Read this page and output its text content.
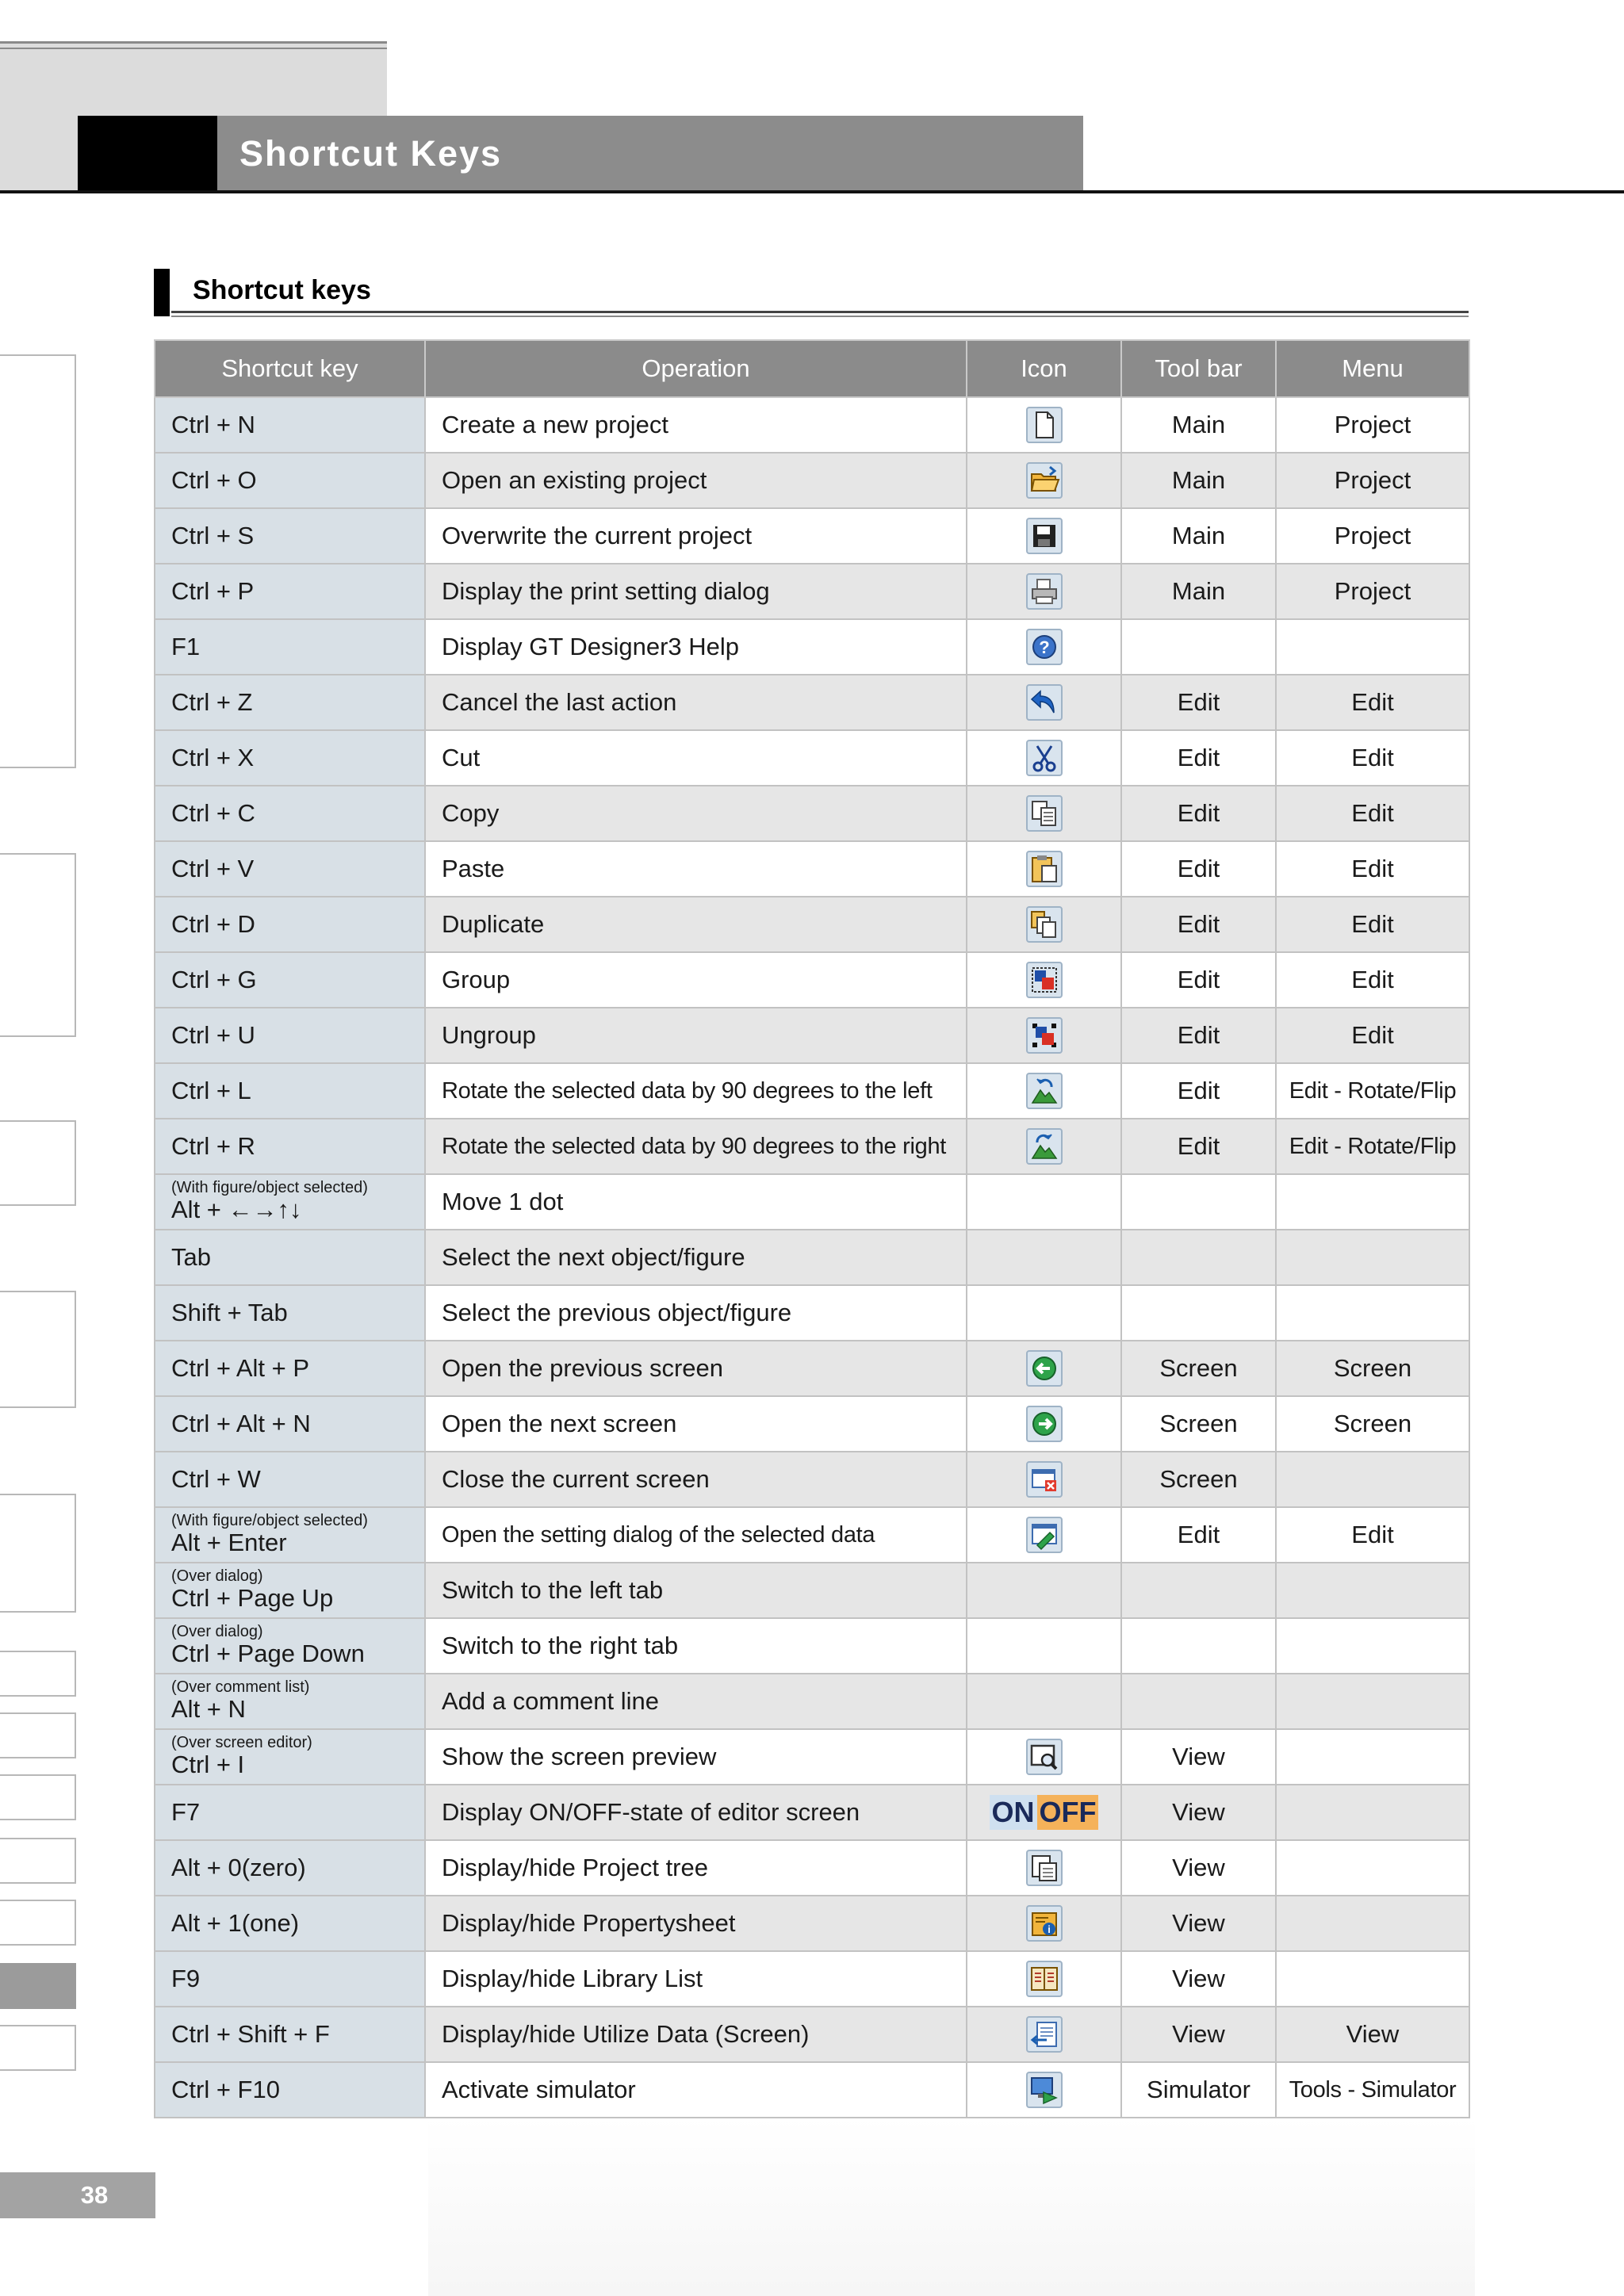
Shortcut Keys
Shortcut keys
Shortcut key	Operation	Icon	Tool bar	Menu
Ctrl + N	Create a new project		Main	Project
Ctrl + O	Open an existing project		Main	Project
Ctrl + S	Overwrite the current project		Main	Project
Ctrl + P	Display the print setting dialog		Main	Project
F1	Display GT Designer3 Help	?		

Ctrl + Z	Cancel the last action		Edit	Edit
Ctrl + X	Cut		Edit	Edit
Ctrl + C	Copy		Edit	Edit
Ctrl + V	Paste		Edit	Edit
Ctrl + D	Duplicate		Edit	Edit
Ctrl + G	Group		Edit	Edit
Ctrl + U	Ungroup		Edit	Edit
Ctrl + L	Rotate the selected data by 90 degrees to the left		Edit	Edit - Rotate/Flip
Ctrl + R	Rotate the selected data by 90 degrees to the right		Edit	Edit - Rotate/Flip

(With figure/object selected)
Alt + ←→↑↓	Move 1 dot			
Tab	Select the next object/figure			
Shift + Tab	Select the previous object/figure			
Ctrl + Alt + P	Open the previous screen		Screen	Screen
Ctrl + Alt + N	Open the next screen		Screen	Screen
Ctrl + W	Close the current screen		Screen	

(With figure/object selected)
Alt + Enter	Open the setting dialog of the selected data		Edit	Edit

(Over dialog)
Ctrl + Page Up	Switch to the left tab			

(Over dialog)
Ctrl + Page Down	Switch to the right tab			

(Over comment list)
Alt + N	Add a comment line			

(Over screen editor)
Ctrl + I	Show the screen preview		View	
F7	Display ON/OFF-state of editor screen	ON OFF	View	
Alt + 0(zero)	Display/hide Project tree		View	
Alt + 1(one)	Display/hide Propertysheet	i	View	
F9	Display/hide Library List		View	
Ctrl + Shift + F	Display/hide Utilize Data (Screen)		View	View
Ctrl + F10	Activate simulator		Simulator	Tools - Simulator
38
